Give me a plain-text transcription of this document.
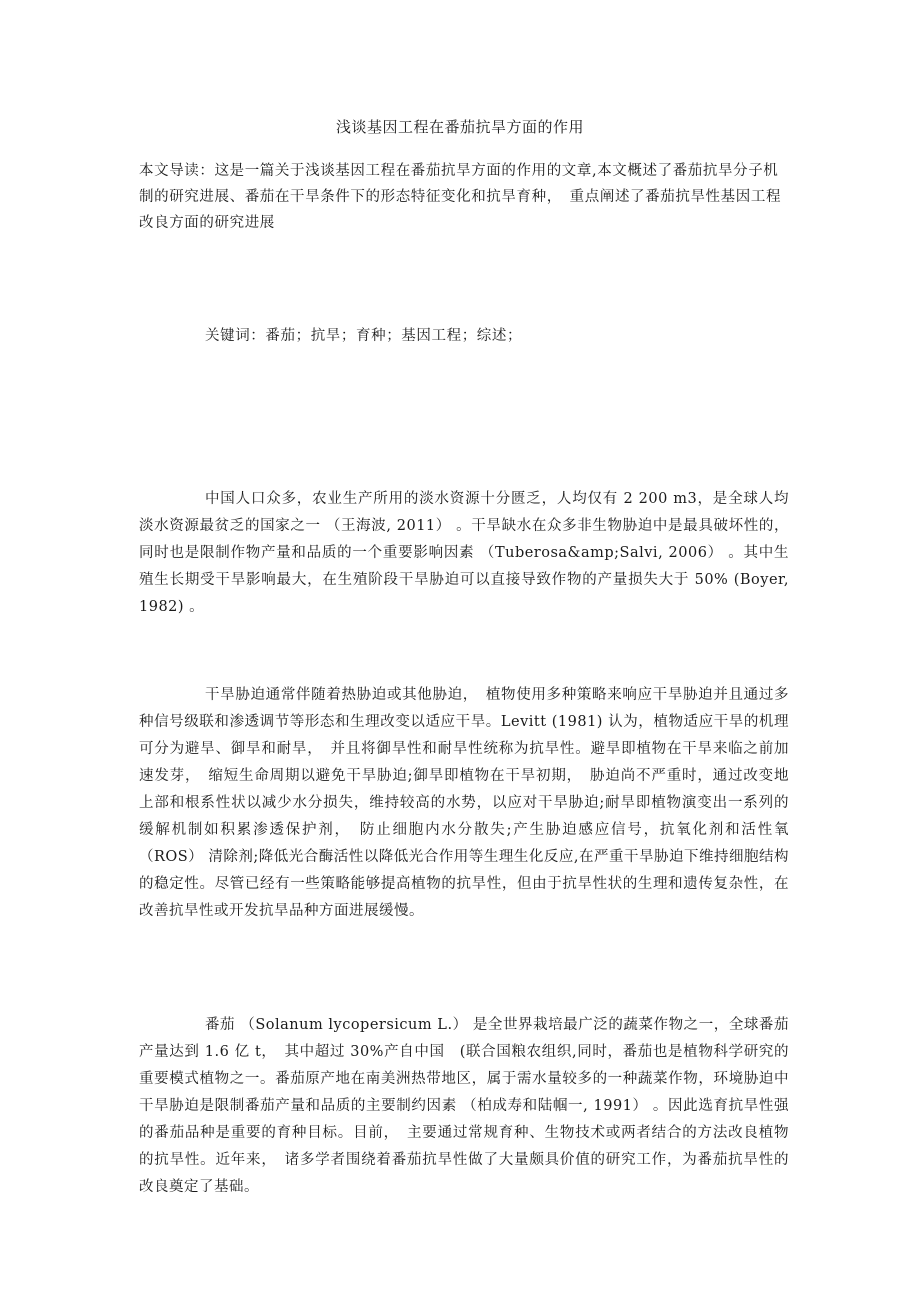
浅谈基因工程在番茄抗旱方面的作用
本文导读：这是一篇关于浅谈基因工程在番茄抗旱方面的作用的文章,本文概述了番茄抗旱分子机制的研究进展、番茄在干旱条件下的形态特征变化和抗旱育种，　重点阐述了番茄抗旱性基因工程改良方面的研究进展
关键词：番茄；抗旱；育种；基因工程；综述；
中国人口众多，农业生产所用的淡水资源十分匮乏，人均仅有 2 200 m3，是全球人均淡水资源最贫乏的国家之一 （王海波, 2011） 。干旱缺水在众多非生物胁迫中是最具破坏性的，同时也是限制作物产量和品质的一个重要影响因素 （Tuberosa&amp;Salvi, 2006） 。其中生殖生长期受干旱影响最大，在生殖阶段干旱胁迫可以直接导致作物的产量损失大于 50% (Boyer, 1982) 。
干旱胁迫通常伴随着热胁迫或其他胁迫，　植物使用多种策略来响应干旱胁迫并且通过多种信号级联和渗透调节等形态和生理改变以适应干旱。Levitt (1981) 认为，植物适应干旱的机理可分为避旱、御旱和耐旱，　并且将御旱性和耐旱性统称为抗旱性。避旱即植物在干旱来临之前加速发芽，　缩短生命周期以避免干旱胁迫;御旱即植物在干旱初期，　胁迫尚不严重时，通过改变地上部和根系性状以减少水分损失，维持较高的水势，以应对干旱胁迫;耐旱即植物演变出一系列的缓解机制如积累渗透保护剂，　防止细胞内水分散失;产生胁迫感应信号，抗氧化剂和活性氧 （ROS） 清除剂;降低光合酶活性以降低光合作用等生理生化反应,在严重干旱胁迫下维持细胞结构的稳定性。尽管已经有一些策略能够提高植物的抗旱性，但由于抗旱性状的生理和遗传复杂性，在改善抗旱性或开发抗旱品种方面进展缓慢。
番茄 （Solanum lycopersicum L.） 是全世界栽培最广泛的蔬菜作物之一，全球番茄产量达到 1.6 亿 t，　其中超过 30%产自中国　(联合国粮农组织,同时，番茄也是植物科学研究的重要模式植物之一。番茄原产地在南美洲热带地区，属于需水量较多的一种蔬菜作物，环境胁迫中干旱胁迫是限制番茄产量和品质的主要制约因素 （柏成寿和陆帼一, 1991） 。因此选育抗旱性强的番茄品种是重要的育种目标。目前，　主要通过常规育种、生物技术或两者结合的方法改良植物的抗旱性。近年来，　诸多学者围绕着番茄抗旱性做了大量颇具价值的研究工作，为番茄抗旱性的改良奠定了基础。
